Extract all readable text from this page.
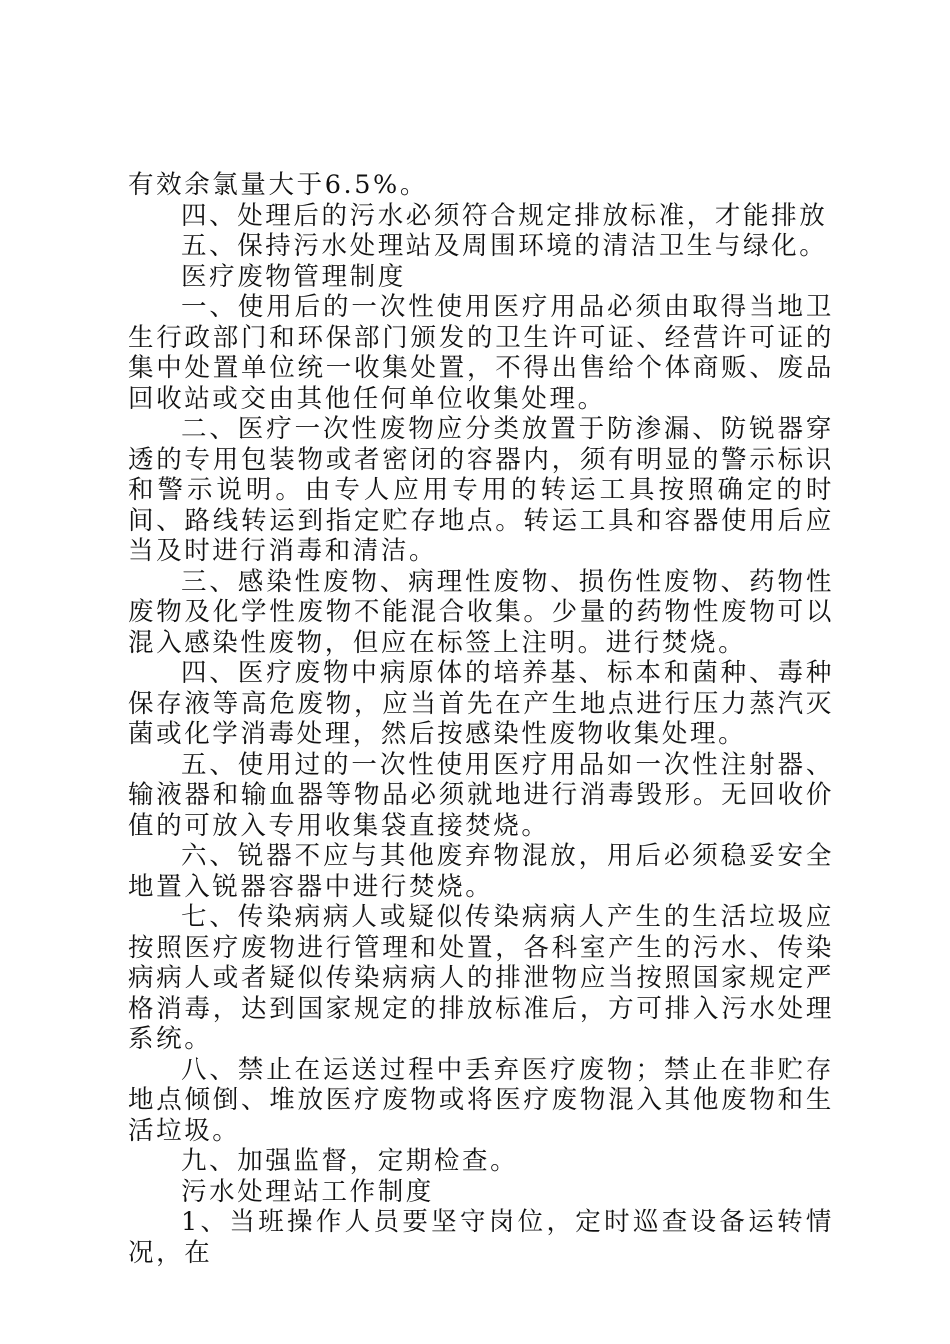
有效余氯量大于6.5%。

四、处理后的污水必须符合规定排放标准，才能排放

五、保持污水处理站及周围环境的清洁卫生与绿化。

医疗废物管理制度

一、使用后的一次性使用医疗用品必须由取得当地卫生行政部门和环保部门颁发的卫生许可证、经营许可证的集中处置单位统一收集处置，不得出售给个体商贩、废品回收站或交由其他任何单位收集处理。

二、医疗一次性废物应分类放置于防渗漏、防锐器穿透的专用包装物或者密闭的容器内，须有明显的警示标识和警示说明。由专人应用专用的转运工具按照确定的时间、路线转运到指定贮存地点。转运工具和容器使用后应当及时进行消毒和清洁。

三、感染性废物、病理性废物、损伤性废物、药物性废物及化学性废物不能混合收集。少量的药物性废物可以混入感染性废物，但应在标签上注明。进行焚烧。

四、医疗废物中病原体的培养基、标本和菌种、毒种保存液等高危废物，应当首先在产生地点进行压力蒸汽灭菌或化学消毒处理，然后按感染性废物收集处理。

五、使用过的一次性使用医疗用品如一次性注射器、输液器和输血器等物品必须就地进行消毒毁形。无回收价值的可放入专用收集袋直接焚烧。

六、锐器不应与其他废弃物混放，用后必须稳妥安全地置入锐器容器中进行焚烧。

七、传染病病人或疑似传染病病人产生的生活垃圾应按照医疗废物进行管理和处置，各科室产生的污水、传染病病人或者疑似传染病病人的排泄物应当按照国家规定严格消毒，达到国家规定的排放标准后，方可排入污水处理系统。

八、禁止在运送过程中丢弃医疗废物；禁止在非贮存地点倾倒、堆放医疗废物或将医疗废物混入其他废物和生活垃圾。

九、加强监督，定期检查。

污水处理站工作制度

1、当班操作人员要坚守岗位，定时巡查设备运转情况，在
